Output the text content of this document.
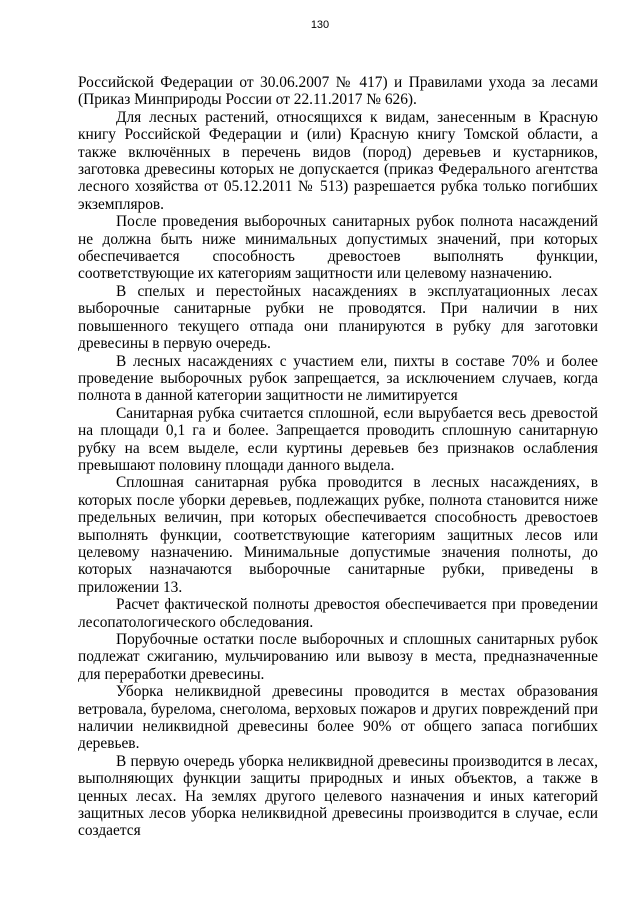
130

Российской Федерации от 30.06.2007 № 417) и Правилами ухода за лесами (Приказ Минприроды России от 22.11.2017 № 626).

Для лесных растений, относящихся к видам, занесенным в Красную книгу Российской Федерации и (или) Красную книгу Томской области, а также включённых в перечень видов (пород) деревьев и кустарников, заготовка древесины которых не допускается (приказ Федерального агентства лесного хозяйства от 05.12.2011 № 513) разрешается рубка только погибших экземпляров.

После проведения выборочных санитарных рубок полнота насаждений не должна быть ниже минимальных допустимых значений, при которых обеспечивается способность древостоев выполнять функции, соответствующие их категориям защитности или целевому назначению.

В спелых и перестойных насаждениях в эксплуатационных лесах выборочные санитарные рубки не проводятся. При наличии в них повышенного текущего отпада они планируются в рубку для заготовки древесины в первую очередь.

В лесных насаждениях с участием ели, пихты в составе 70% и более проведение выборочных рубок запрещается, за исключением случаев, когда полнота в данной категории защитности не лимитируется

Санитарная рубка считается сплошной, если вырубается весь древостой на площади 0,1 га и более. Запрещается проводить сплошную санитарную рубку на всем выделе, если куртины деревьев без признаков ослабления превышают половину площади данного выдела.

Сплошная санитарная рубка проводится в лесных насаждениях, в которых после уборки деревьев, подлежащих рубке, полнота становится ниже предельных величин, при которых обеспечивается способность древостоев выполнять функции, соответствующие категориям защитных лесов или целевому назначению. Минимальные допустимые значения полноты, до которых назначаются выборочные санитарные рубки, приведены в приложении 13.

Расчет фактической полноты древостоя обеспечивается при проведении лесопатологического обследования.

Порубочные остатки после выборочных и сплошных санитарных рубок подлежат сжиганию, мульчированию или вывозу в места, предназначенные для переработки древесины.

Уборка неликвидной древесины проводится в местах образования ветровала, бурелома, снеголома, верховых пожаров и других повреждений при наличии неликвидной древесины более 90% от общего запаса погибших деревьев.

В первую очередь уборка неликвидной древесины производится в лесах, выполняющих функции защиты природных и иных объектов, а также в ценных лесах. На землях другого целевого назначения и иных категорий защитных лесов уборка неликвидной древесины производится в случае, если создается
